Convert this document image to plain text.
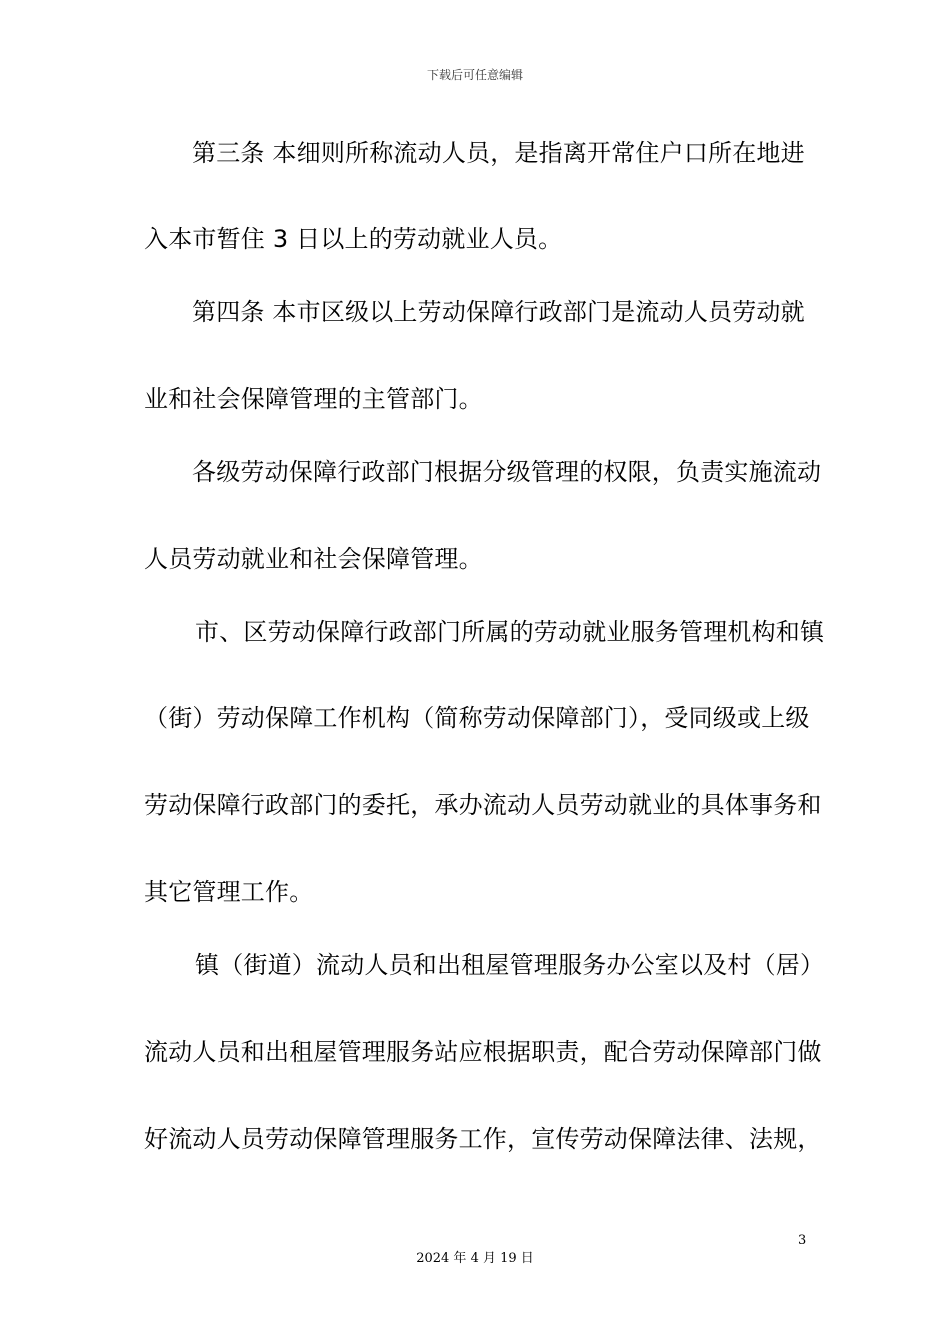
下载后可任意编辑
第三条 本细则所称流动人员，是指离开常住户口所在地进
入本市暂住 3 日以上的劳动就业人员。
第四条 本市区级以上劳动保障行政部门是流动人员劳动就
业和社会保障管理的主管部门。
各级劳动保障行政部门根据分级管理的权限，负责实施流动
人员劳动就业和社会保障管理。
市、区劳动保障行政部门所属的劳动就业服务管理机构和镇
（街）劳动保障工作机构（简称劳动保障部门），受同级或上级
劳动保障行政部门的委托，承办流动人员劳动就业的具体事务和
其它管理工作。
镇（街道）流动人员和出租屋管理服务办公室以及村（居）
流动人员和出租屋管理服务站应根据职责，配合劳动保障部门做
好流动人员劳动保障管理服务工作，宣传劳动保障法律、法规，
3
2024 年 4 月 19 日
